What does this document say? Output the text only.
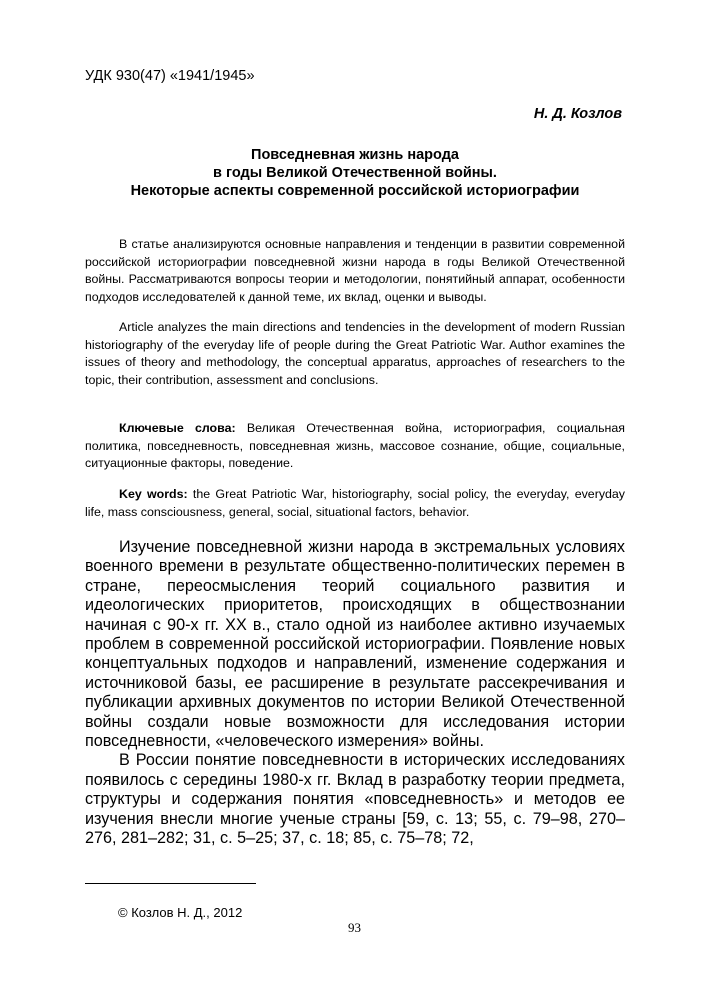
УДК 930(47) «1941/1945»
Н. Д. Козлов
Повседневная жизнь народа
в годы Великой Отечественной войны.
Некоторые аспекты современной российской историографии

В статье анализируются основные направления и тенденции в развитии современной российской историографии повседневной жизни народа в годы Великой Отечественной войны. Рассматриваются вопросы теории и методологии, понятийный аппарат, особенности подходов исследователей к данной теме, их вклад, оценки и выводы.

Article analyzes the main directions and tendencies in the development of modern Russian historiography of the everyday life of people during the Great Patriotic War. Author examines the issues of theory and methodology, the conceptual apparatus, approaches of researchers to the topic, their contribution, assessment and conclusions.

Ключевые слова: Великая Отечественная война, историография, социальная политика, повседневность, повседневная жизнь, массовое сознание, общие, социальные, ситуационные факторы, поведение.

Key words: the Great Patriotic War, historiography, social policy, the everyday, everyday life, mass consciousness, general, social, situational factors, behavior.

Изучение повседневной жизни народа в экстремальных условиях военного времени в результате общественно-политических перемен в стране, переосмысления теорий социального развития и идеологических приоритетов, происходящих в обществознании начиная с 90-х гг. XX в., стало одной из наиболее активно изучаемых проблем в современной российской историографии. Появление новых концептуальных подходов и направлений, изменение содержания и источниковой базы, ее расширение в результате рассекречивания и публикации архивных документов по истории Великой Отечественной войны создали новые возможности для исследования истории повседневности, «человеческого измерения» войны.

В России понятие повседневности в исторических исследованиях появилось с середины 1980-х гг. Вклад в разработку теории предмета, структуры и содержания понятия «повседневность» и методов ее изучения внесли многие ученые страны [59, с. 13; 55, с. 79–98, 270–276, 281–282; 31, с. 5–25; 37, с. 18; 85, с. 75–78; 72,

© Козлов Н. Д., 2012
93
